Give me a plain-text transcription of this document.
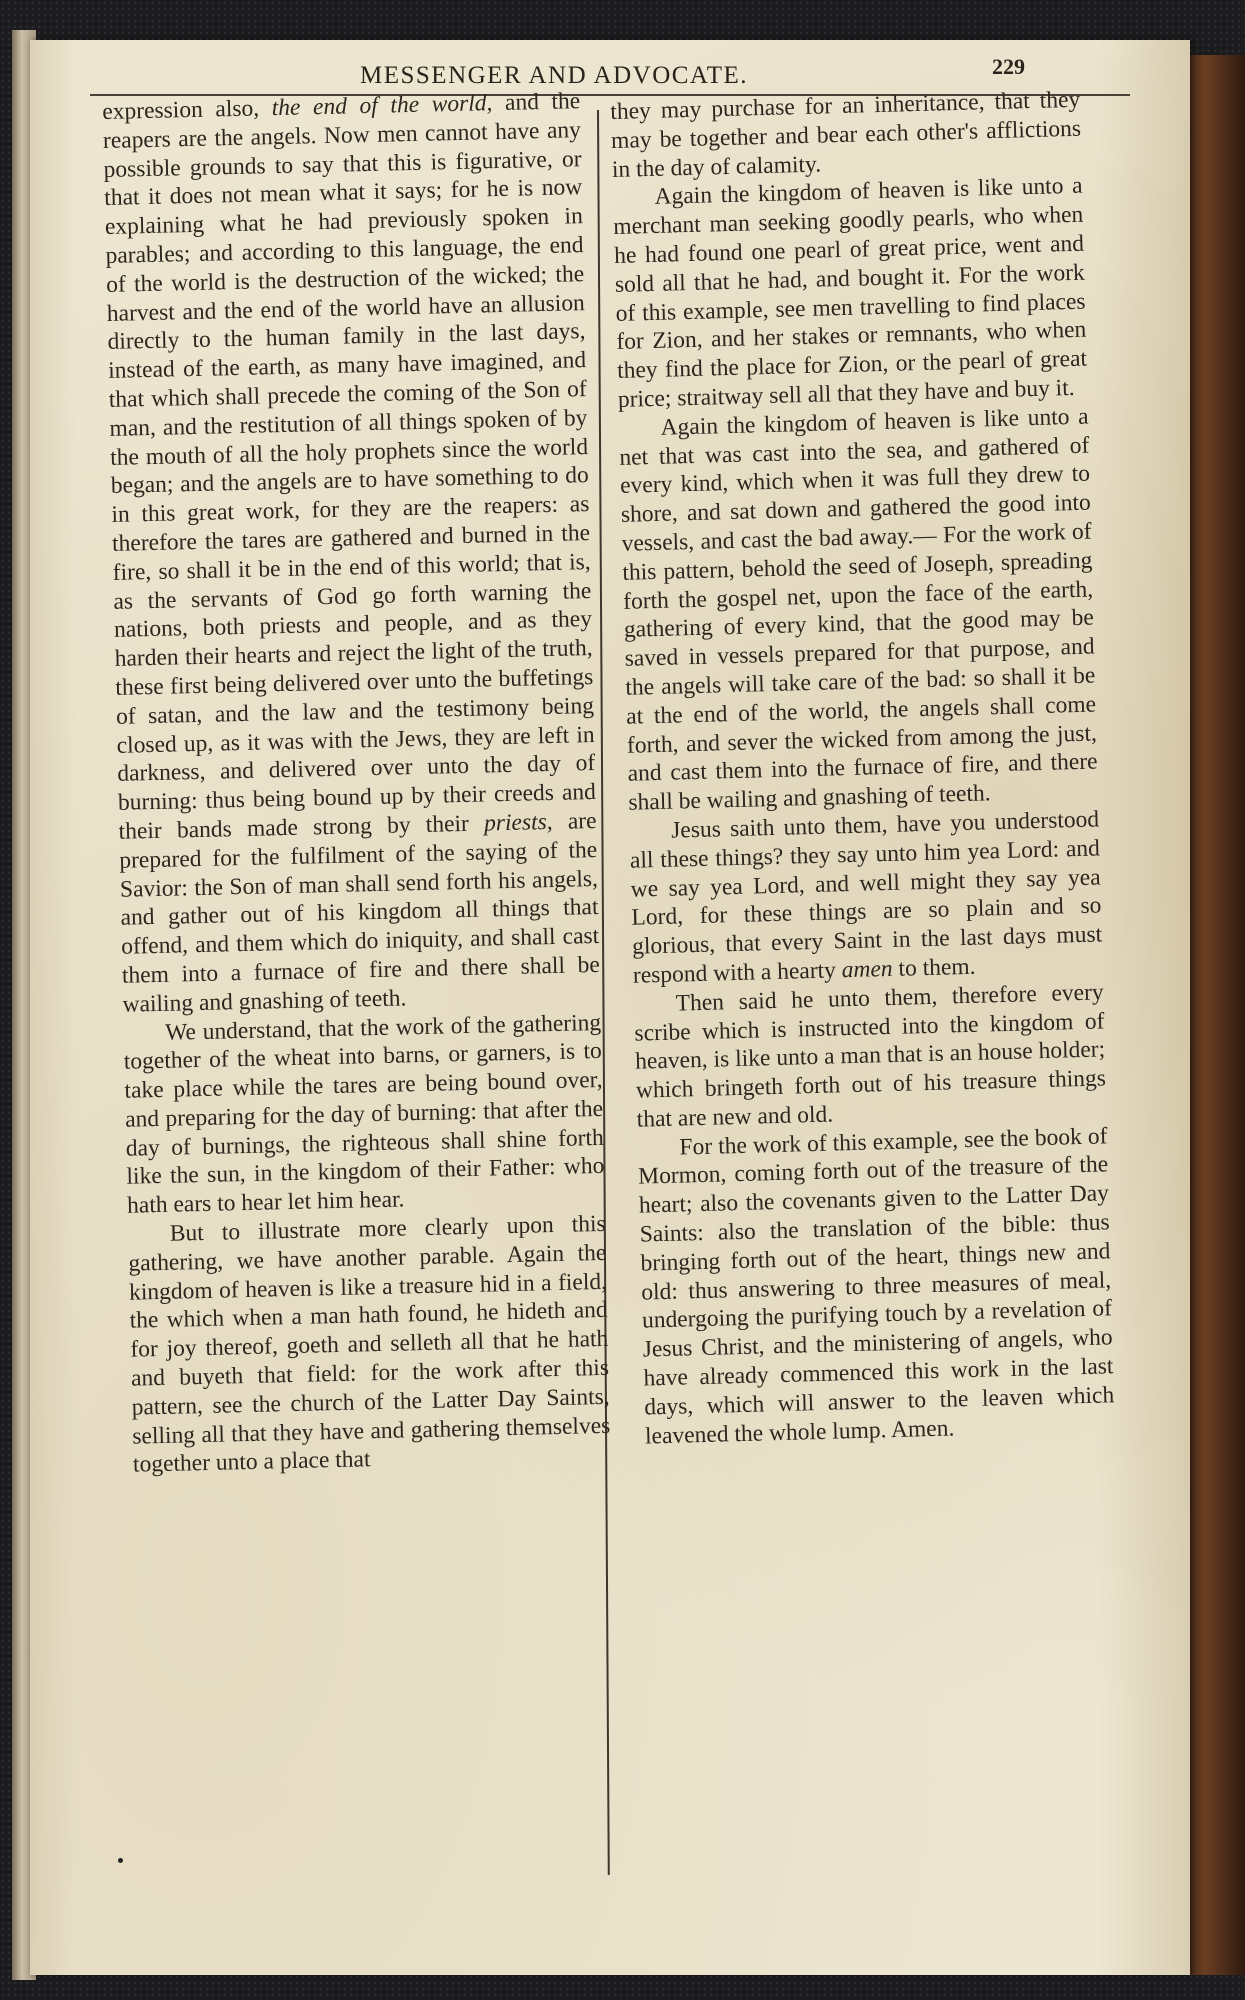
MESSENGER AND ADVOCATE.	229

expression also, the end of the world, and the reapers are the angels. Now men cannot have any possible grounds to say that this is figurative, or that it does not mean what it says; for he is now explaining what he had previously spoken in parables; and according to this language, the end of the world is the destruction of the wicked; the harvest and the end of the world have an allusion directly to the human family in the last days, instead of the earth, as many have imagined, and that which shall precede the coming of the Son of man, and the restitution of all things spoken of by the mouth of all the holy prophets since the world began; and the angels are to have something to do in this great work, for they are the reapers: as therefore the tares are gathered and burned in the fire, so shall it be in the end of this world; that is, as the servants of God go forth warning the nations, both priests and people, and as they harden their hearts and reject the light of the truth, these first being delivered over unto the buffetings of satan, and the law and the testimony being closed up, as it was with the Jews, they are left in darkness, and delivered over unto the day of burning: thus being bound up by their creeds and their bands made strong by their priests, are prepared for the fulfilment of the saying of the Savior: the Son of man shall send forth his angels, and gather out of his kingdom all things that offend, and them which do iniquity, and shall cast them into a furnace of fire and there shall be wailing and gnashing of teeth.

We understand, that the work of the gathering together of the wheat into barns, or garners, is to take place while the tares are being bound over, and preparing for the day of burning: that after the day of burnings, the righteous shall shine forth like the sun, in the kingdom of their Father: who hath ears to hear let him hear.

But to illustrate more clearly upon this gathering, we have another parable. Again the kingdom of heaven is like a treasure hid in a field, the which when a man hath found, he hideth and for joy thereof, goeth and selleth all that he hath and buyeth that field: for the work after this pattern, see the church of the Latter Day Saints, selling all that they have and gathering themselves together unto a place that

they may purchase for an inheritance, that they may be together and bear each other's afflictions in the day of calamity.

Again the kingdom of heaven is like unto a merchant man seeking goodly pearls, who when he had found one pearl of great price, went and sold all that he had, and bought it. For the work of this example, see men travelling to find places for Zion, and her stakes or remnants, who when they find the place for Zion, or the pearl of great price; straitway sell all that they have and buy it.

Again the kingdom of heaven is like unto a net that was cast into the sea, and gathered of every kind, which when it was full they drew to shore, and sat down and gathered the good into vessels, and cast the bad away.— For the work of this pattern, behold the seed of Joseph, spreading forth the gospel net, upon the face of the earth, gathering of every kind, that the good may be saved in vessels prepared for that purpose, and the angels will take care of the bad: so shall it be at the end of the world, the angels shall come forth, and sever the wicked from among the just, and cast them into the furnace of fire, and there shall be wailing and gnashing of teeth.

Jesus saith unto them, have you understood all these things? they say unto him yea Lord: and we say yea Lord, and well might they say yea Lord, for these things are so plain and so glorious, that every Saint in the last days must respond with a hearty amen to them.

Then said he unto them, therefore every scribe which is instructed into the kingdom of heaven, is like unto a man that is an house holder; which bringeth forth out of his treasure things that are new and old.

For the work of this example, see the book of Mormon, coming forth out of the treasure of the heart; also the covenants given to the Latter Day Saints: also the translation of the bible: thus bringing forth out of the heart, things new and old: thus answering to three measures of meal, undergoing the purifying touch by a revelation of Jesus Christ, and the ministering of angels, who have already commenced this work in the last days, which will answer to the leaven which leavened the whole lump. Amen.
